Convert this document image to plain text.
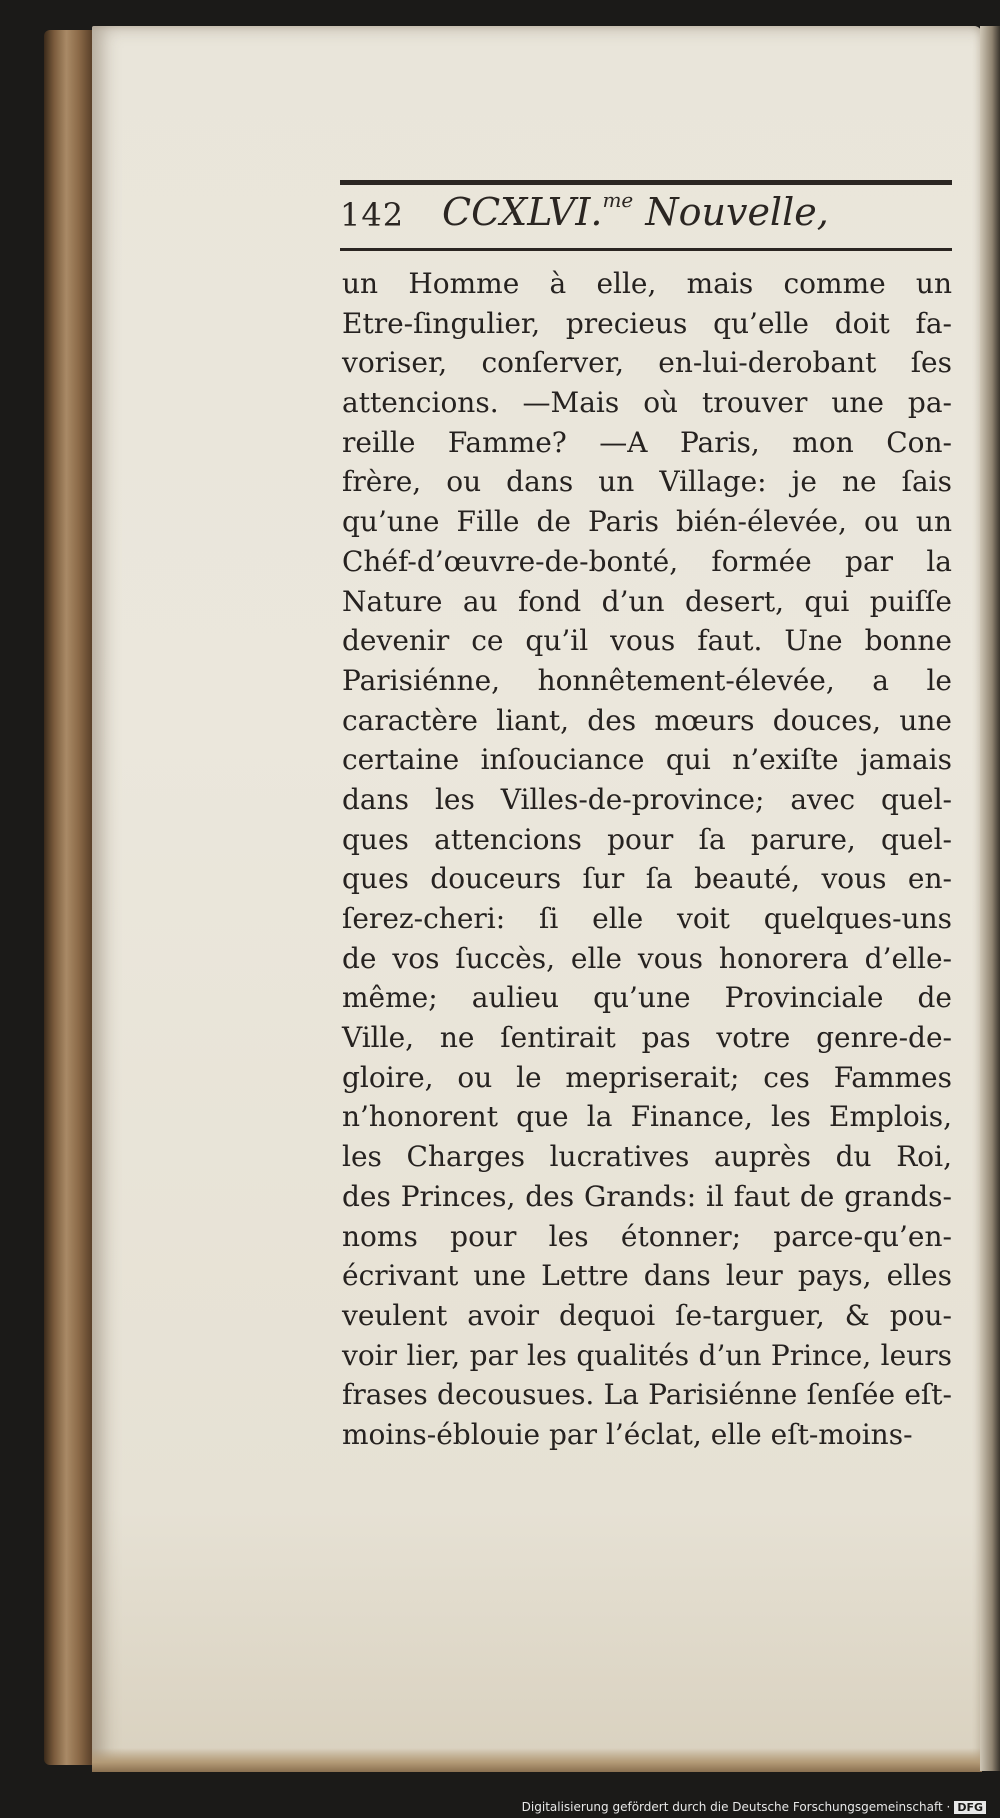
142 CCXLVI.$^{me}$ Nouvelle,
un Homme à elle, mais comme un
Etre-ſingulier, precieus qu’elle doit fa-
voriser, conſerver, en-lui-derobant ſes
attencions. —Mais où trouver une pa-
reille Famme? —A Paris, mon Con-
frère, ou dans un Village: je ne ſais
qu’une Fille de Paris bién-élevée, ou un
Chéf-d’œuvre-de-bonté, formée par la
Nature au fond d’un desert, qui puiſſe
devenir ce qu’il vous faut. Une bonne
Parisiénne, honnêtement-élevée, a le
caractère liant, des mœurs douces, une
certaine inſouciance qui n’exiſte jamais
dans les Villes-de-province; avec quel-
ques attencions pour ſa parure, quel-
ques douceurs ſur ſa beauté, vous en-
ſerez-cheri: ſi elle voit quelques-uns
de vos ſuccès, elle vous honorera d’elle-
même; aulieu qu’une Provinciale de
Ville, ne ſentirait pas votre genre-de-
gloire, ou le mepriserait; ces Fammes
n’honorent que la Finance, les Emplois,
les Charges lucratives auprès du Roi,
des Princes, des Grands: il faut de grands-
noms pour les étonner; parce-qu’en-
écrivant une Lettre dans leur pays, elles
veulent avoir dequoi ſe-targuer, & pou-
voir lier, par les qualités d’un Prince, leurs
frases decousues. La Parisiénne ſenſée eſt-
moins-éblouie par l’éclat, elle eſt-moins-
Digitalisierung gefördert durch die Deutsche Forschungsgemeinschaft · DFG
